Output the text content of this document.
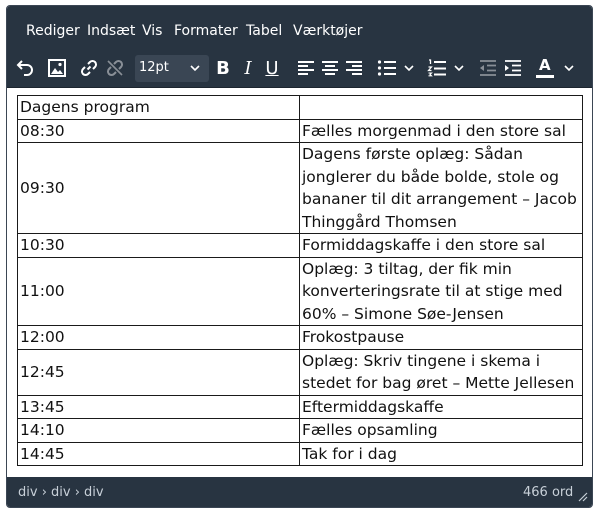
Rediger Indsæt Vis Formater Tabel Værktøjer
12pt	B I U	A
Dagens program	
08:30	Fælles morgenmad i den store sal
09:30	Dagens første oplæg: Sådan jonglerer du både bolde, stole og bananer til dit arrangement – Jacob Thinggård Thomsen
10:30	Formiddagskaffe i den store sal
11:00	Oplæg: 3 tiltag, der fik min konverteringsrate til at stige med 60% – Simone Søe-Jensen
12:00	Frokostpause
12:45	Oplæg: Skriv tingene i skema i stedet for bag øret – Mette Jellesen
13:45	Eftermiddagskaffe
14:10	Fælles opsamling
14:45	Tak for i dag
div › div › div	466 ord
